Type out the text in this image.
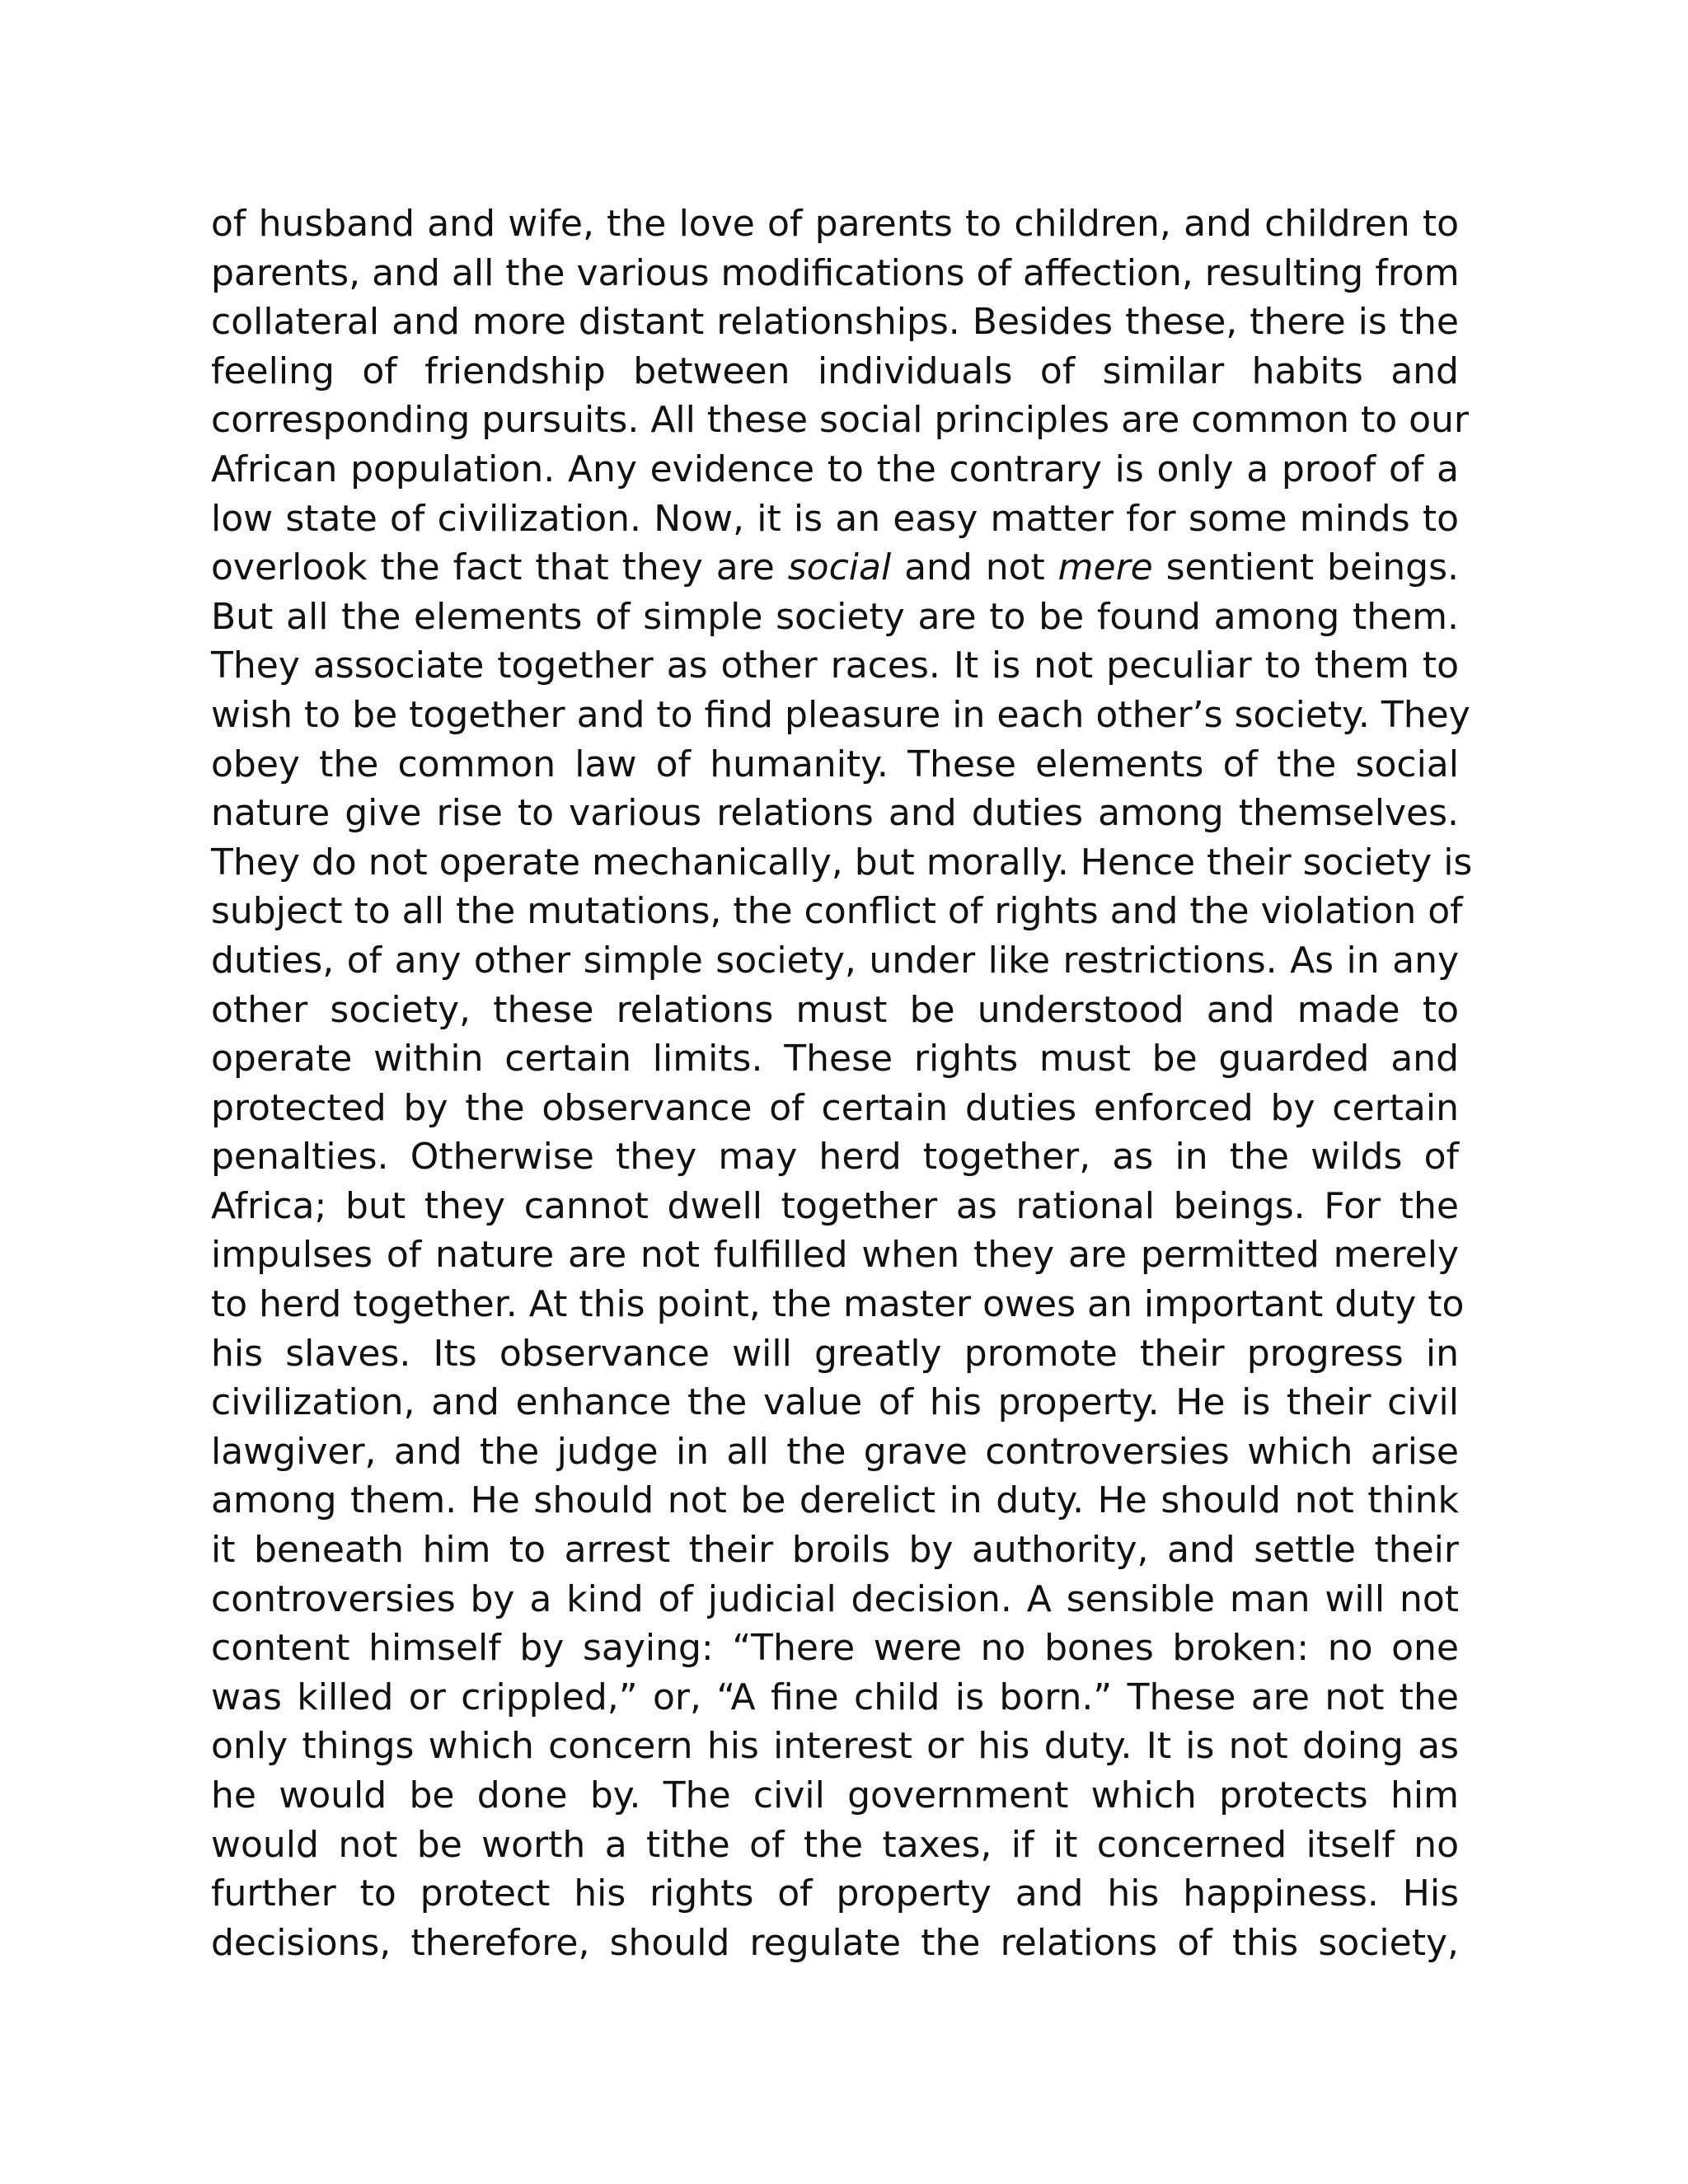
of husband and wife, the love of parents to children, and children to
parents, and all the various modifications of affection, resulting from
collateral and more distant relationships. Besides these, there is the
feeling of friendship between individuals of similar habits and
corresponding pursuits. All these social principles are common to our
African population. Any evidence to the contrary is only a proof of a
low state of civilization. Now, it is an easy matter for some minds to
overlook the fact that they are social and not mere sentient beings.
But all the elements of simple society are to be found among them.
They associate together as other races. It is not peculiar to them to
wish to be together and to find pleasure in each other’s society. They
obey the common law of humanity. These elements of the social
nature give rise to various relations and duties among themselves.
They do not operate mechanically, but morally. Hence their society is
subject to all the mutations, the conflict of rights and the violation of
duties, of any other simple society, under like restrictions. As in any
other society, these relations must be understood and made to
operate within certain limits. These rights must be guarded and
protected by the observance of certain duties enforced by certain
penalties. Otherwise they may herd together, as in the wilds of
Africa; but they cannot dwell together as rational beings. For the
impulses of nature are not fulfilled when they are permitted merely
to herd together. At this point, the master owes an important duty to
his slaves. Its observance will greatly promote their progress in
civilization, and enhance the value of his property. He is their civil
lawgiver, and the judge in all the grave controversies which arise
among them. He should not be derelict in duty. He should not think
it beneath him to arrest their broils by authority, and settle their
controversies by a kind of judicial decision. A sensible man will not
content himself by saying: “There were no bones broken: no one
was killed or crippled,” or, “A fine child is born.” These are not the
only things which concern his interest or his duty. It is not doing as
he would be done by. The civil government which protects him
would not be worth a tithe of the taxes, if it concerned itself no
further to protect his rights of property and his happiness. His
decisions, therefore, should regulate the relations of this society,
